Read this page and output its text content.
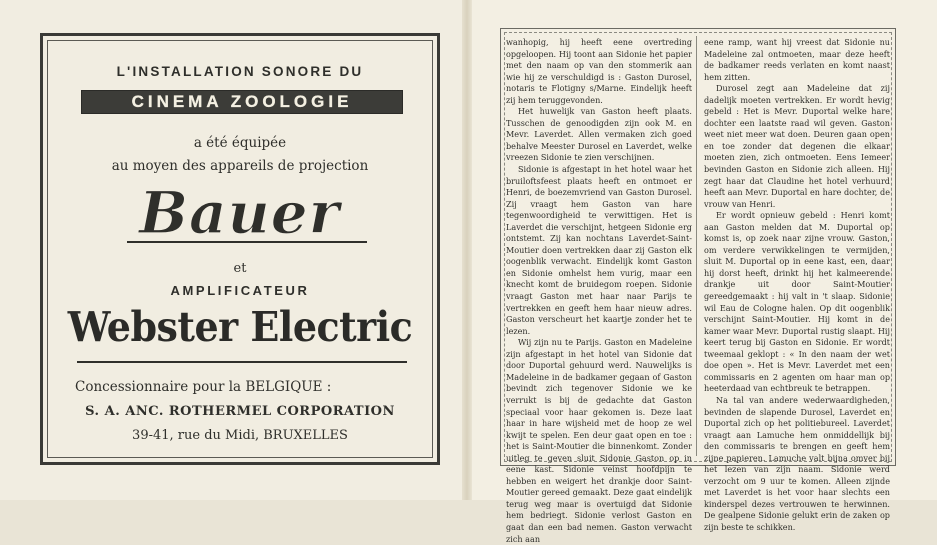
L'INSTALLATION SONORE DU
CINEMA ZOOLOGIE
a été équipée
au moyen des appareils de projection
Bauer
et
AMPLIFICATEUR
Webster Electric
Concessionnaire pour la BELGIQUE :
S. A. ANC. ROTHERMEL CORPORATION
39-41, rue du Midi, BRUXELLES

wanhopig, hij heeft eene overtreding opgeloopen. Hij toont aan Sidonie het papier met den naam op van den stommerik aan wie hij ze verschuldigd is : Gaston Durosel, notaris te Flotigny s/Marne. Eindelijk heeft zij hem teruggevonden.

Het huwelijk van Gaston heeft plaats. Tusschen de genoodigden zijn ook M. en Mevr. Laverdet. Allen vermaken zich goed behalve Meester Durosel en Laverdet, welke vreezen Sidonie te zien verschijnen.

Sidonie is afgestapt in het hotel waar het bruiloftsfeest plaats heeft en ontmoet er Henri, de boezemvriend van Gaston Durosel. Zij vraagt hem Gaston van hare tegenwoordigheid te verwittigen. Het is Laverdet die verschijnt, hetgeen Sidonie erg ontstemt. Zij kan nochtans Laverdet-Saint-Moutier doen vertrekken daar zij Gaston elk oogenblik verwacht. Eindelijk komt Gaston en Sidonie omhelst hem vurig, maar een knecht komt de bruidegom roepen. Sidonie vraagt Gaston met haar naar Parijs te vertrekken en geeft hem haar nieuw adres. Gaston verscheurt het kaartje zonder het te lezen.

Wij zijn nu te Parijs. Gaston en Madeleine zijn afgestapt in het hotel van Sidonie dat door Duportal gehuurd werd. Nauwelijks is Madeleine in de badkamer gegaan of Gaston bevindt zich tegenover Sidonie we ke verrukt is bij de gedachte dat Gaston speciaal voor haar gekomen is. Deze laat haar in hare wijsheid met de hoop ze wel kwijt te spelen. Een deur gaat open en toe : het is Saint-Moutier die binnenkomt. Zonder uitleg te geven sluit Sidonie Gaston op in eene kast. Sidonie veinst hoofdpijn te hebben en weigert het drankje door Saint-Moutier gereed gemaakt. Deze gaat eindelijk terug weg maar is overtuigd dat Sidonie hem bedriegt. Sidonie verlost Gaston en gaat dan een bad nemen. Gaston verwacht zich aan

eene ramp, want hij vreest dat Sidonie nu Madeleine zal ontmoeten, maar deze heeft de badkamer reeds verlaten en komt naast hem zitten.

Durosel zegt aan Madeleine dat zij dadelijk moeten vertrekken. Er wordt hevig gebeld : Het is Mevr. Duportal welke hare dochter een laatste raad wil geven. Gaston weet niet meer wat doen. Deuren gaan open en toe zonder dat degenen die elkaar moeten zien, zich ontmoeten. Eens Iemeer bevinden Gaston en Sidonie zich alleen. Hij zegt haar dat Claudine het hotel verhuurd heeft aan Mevr. Duportal en hare dochter, de vrouw van Henri.

Er wordt opnieuw gebeld : Henri komt aan Gaston melden dat M. Duportal op komst is, op zoek naar zijne vrouw. Gaston, om verdere verwikkelingen te vermijden, sluit M. Duportal op in eene kast, een, daar hij dorst heeft, drinkt hij het kalmeerende drankje uit door Saint-Moutier gereedgemaakt : hij valt in 't slaap. Sidonie wil Eau de Cologne halen. Op dit oogenblik verschijnt Saint-Moutier. Hij komt in de kamer waar Mevr. Duportal rustig slaapt. Hij keert terug bij Gaston en Sidonie. Er wordt tweemaal geklopt : « In den naam der wet doe open ». Het is Mevr. Laverdet met een commissaris en 2 agenten om haar man op heeterdaad van echtbreuk te betrappen.

Na tal van andere wederwaardigheden, bevinden de slapende Durosel, Laverdet en Duportal zich op het politiebureel. Laverdet vraagt aan Lamuche hem onmiddellijk bij den commissaris te brengen en geeft hem zijne papieren. Lamuche valt bijna omver bij het lezen van zijn naam. Sidonie werd verzocht om 9 uur te komen. Alleen zijnde met Laverdet is het voor haar slechts een kinderspel dezes vertrouwen te herwinnen. De gealpene Sidonie gelukt erin de zaken op zijn beste te schikken.
